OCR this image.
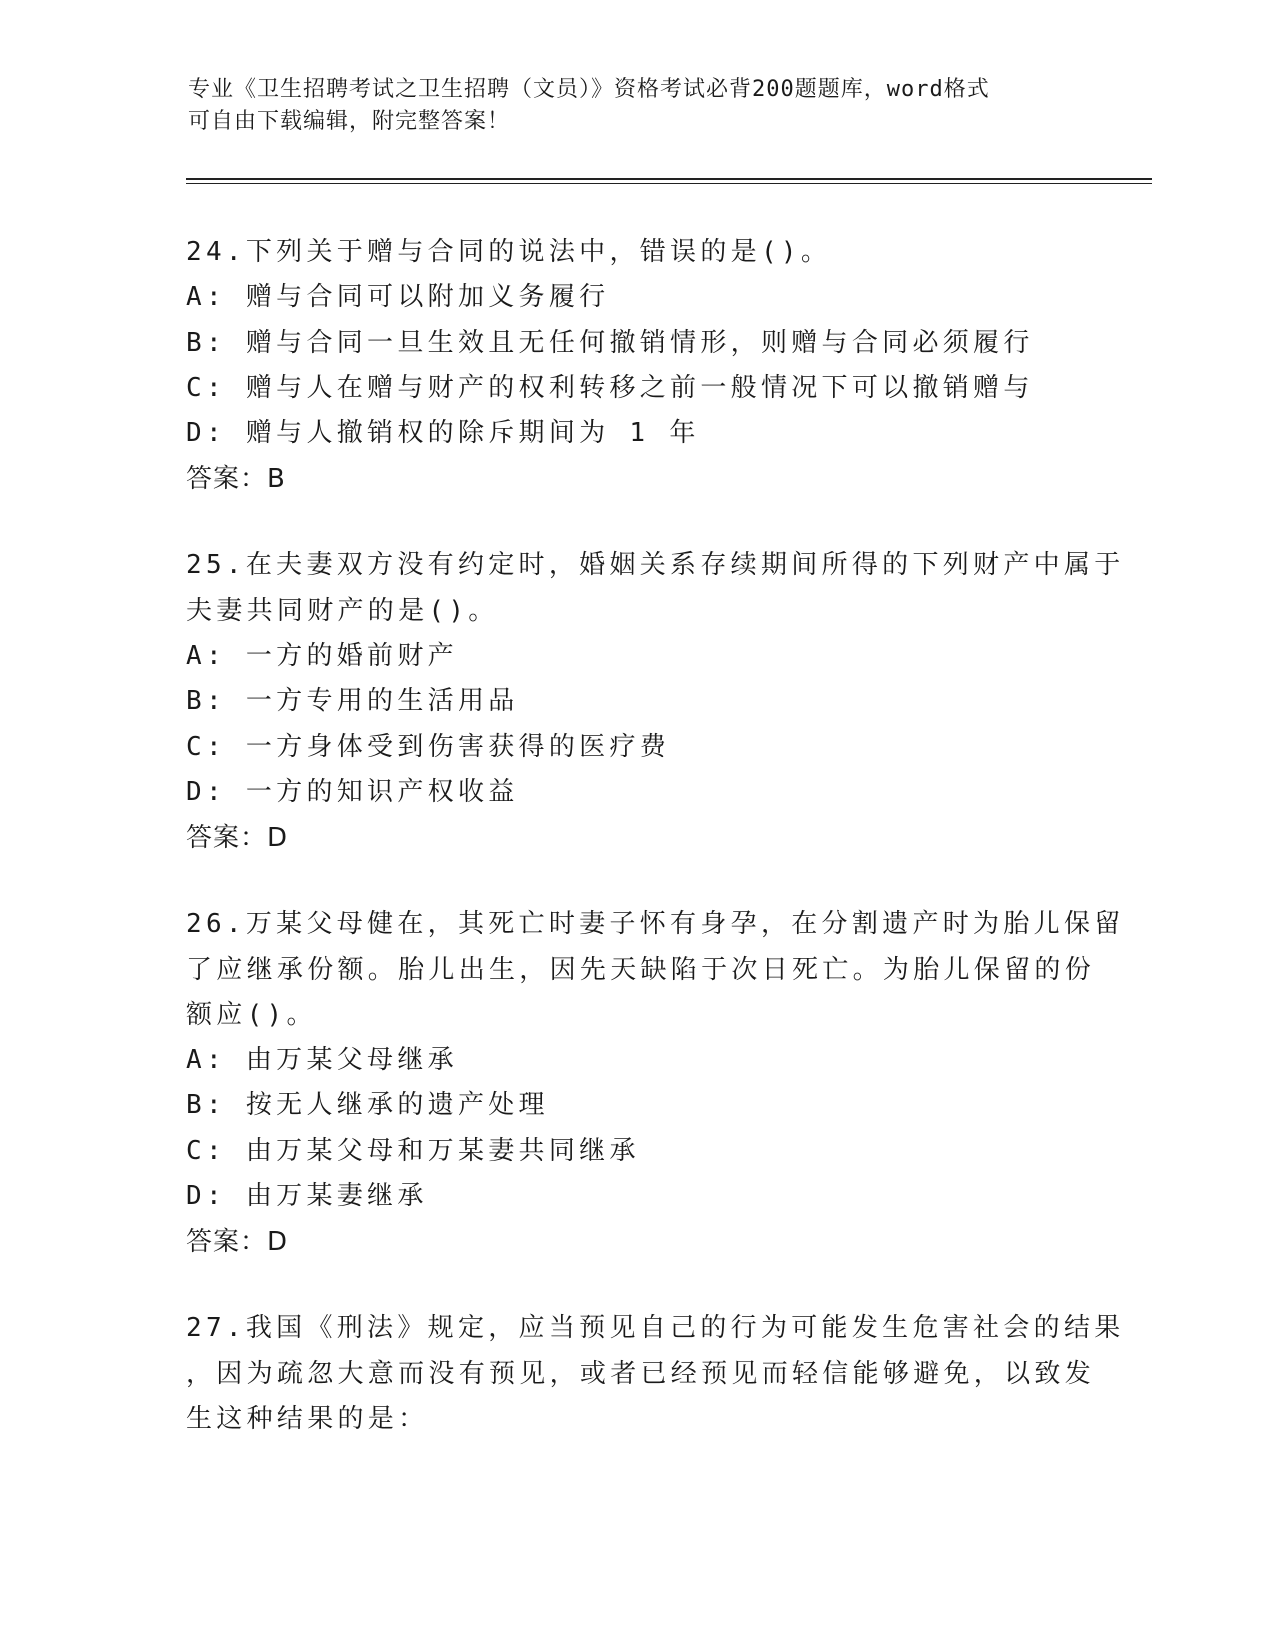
专业《卫生招聘考试之卫生招聘（文员）》资格考试必背200题题库，word格式
可自由下载编辑，附完整答案！
24.下列关于赠与合同的说法中，错误的是()。
A: 赠与合同可以附加义务履行
B: 赠与合同一旦生效且无任何撤销情形，则赠与合同必须履行
C: 赠与人在赠与财产的权利转移之前一般情况下可以撤销赠与
D: 赠与人撤销权的除斥期间为 1 年
答案：B
25.在夫妻双方没有约定时，婚姻关系存续期间所得的下列财产中属于
夫妻共同财产的是()。
A: 一方的婚前财产
B: 一方专用的生活用品
C: 一方身体受到伤害获得的医疗费
D: 一方的知识产权收益
答案：D
26.万某父母健在，其死亡时妻子怀有身孕，在分割遗产时为胎儿保留
了应继承份额。胎儿出生，因先天缺陷于次日死亡。为胎儿保留的份
额应()。
A: 由万某父母继承
B: 按无人继承的遗产处理
C: 由万某父母和万某妻共同继承
D: 由万某妻继承
答案：D
27.我国《刑法》规定，应当预见自己的行为可能发生危害社会的结果
，因为疏忽大意而没有预见，或者已经预见而轻信能够避免，以致发
生这种结果的是：
